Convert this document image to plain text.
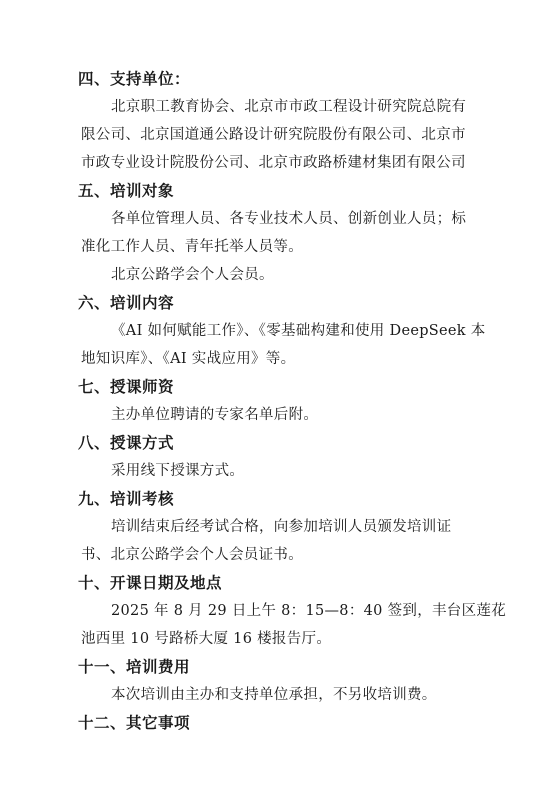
四、支持单位：
北京职工教育协会、北京市市政工程设计研究院总院有
限公司、北京国道通公路设计研究院股份有限公司、北京市
市政专业设计院股份公司、北京市政路桥建材集团有限公司
五、培训对象
各单位管理人员、各专业技术人员、创新创业人员；标
准化工作人员、青年托举人员等。
北京公路学会个人会员。
六、培训内容
《AI 如何赋能工作》、《零基础构建和使用 DeepSeek 本
地知识库》、《AI 实战应用》等。
七、授课师资
主办单位聘请的专家名单后附。
八、授课方式
采用线下授课方式。
九、培训考核
培训结束后经考试合格，向参加培训人员颁发培训证
书、北京公路学会个人会员证书。
十、开课日期及地点
2025 年 8 月 29 日上午 8：15—8：40 签到，丰台区莲花
池西里 10 号路桥大厦 16 楼报告厅。
十一、培训费用
本次培训由主办和支持单位承担，不另收培训费。
十二、其它事项
